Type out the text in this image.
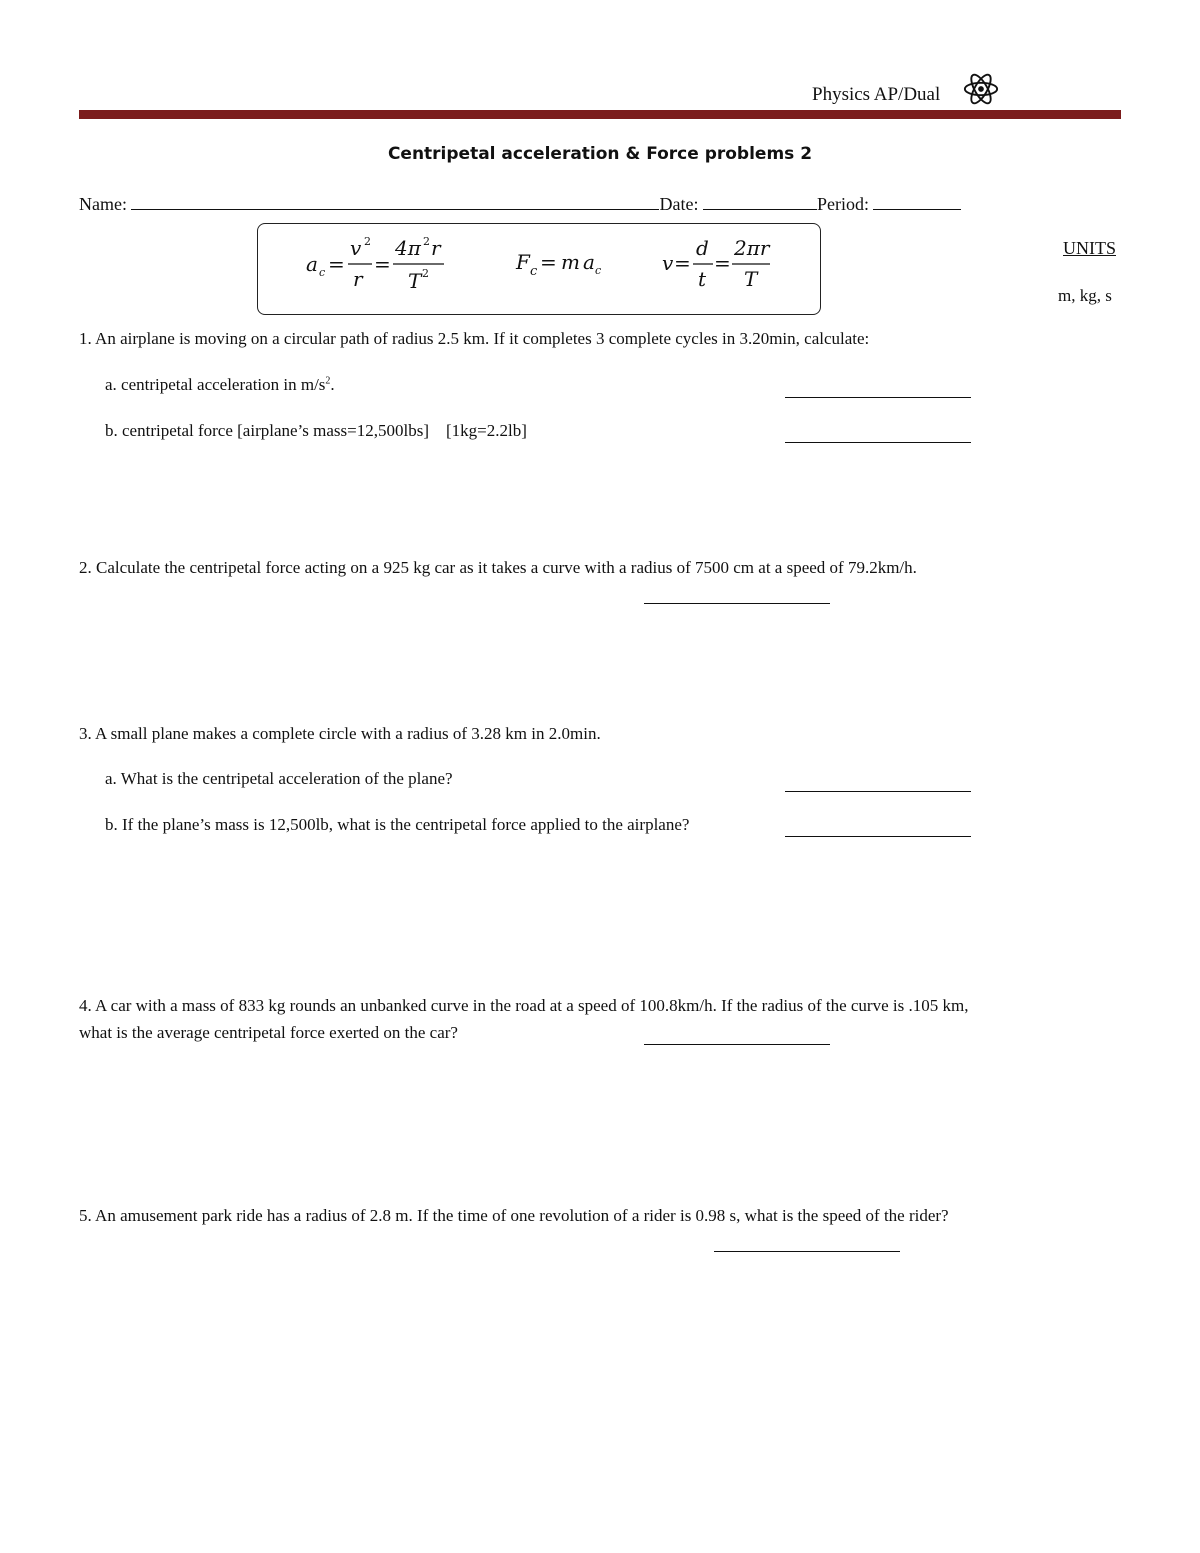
Physics AP/Dual
Centripetal acceleration & Force problems 2
Name:	Date:	Period:
a c =
v 2
r
=
4π 2 r
T 2	F c = m a c	v =
d
t
=
2πr
T
UNITS
m, kg, s
1. An airplane is moving on a circular path of radius 2.5 km. If it completes 3 complete cycles in 3.20min, calculate:
a. centripetal acceleration in $m/s^2$.
b. centripetal force [airplane’s mass=12,500lbs]    [1kg=2.2lb]
2. Calculate the centripetal force acting on a 925 kg car as it takes a curve with a radius of 7500 cm at a speed of 79.2km/h.
3. A small plane makes a complete circle with a radius of 3.28 km in 2.0min.
a. What is the centripetal acceleration of the plane?
b. If the plane’s mass is 12,500lb, what is the centripetal force applied to the airplane?
4. A car with a mass of 833 kg rounds an unbanked curve in the road at a speed of 100.8km/h. If the radius of the curve is .105 km,
what is the average centripetal force exerted on the car?
5. An amusement park ride has a radius of 2.8 m. If the time of one revolution of a rider is 0.98 s, what is the speed of the rider?
